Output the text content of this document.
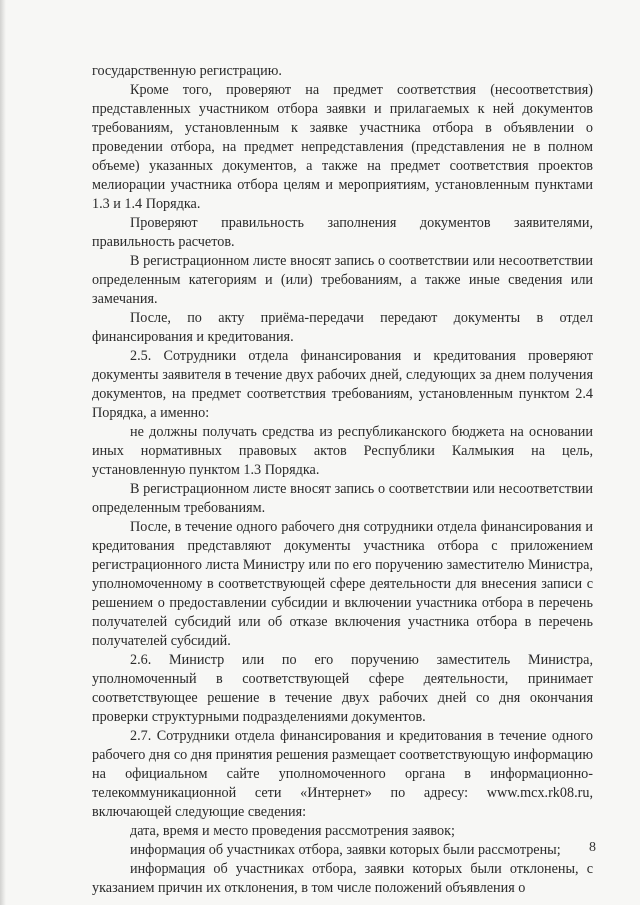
государственную регистрацию.

Кроме того, проверяют на предмет соответствия (несоответствия) представленных участником отбора заявки и прилагаемых к ней документов требованиям, установленным к заявке участника отбора в объявлении о проведении отбора, на предмет непредставления (представления не в полном объеме) указанных документов, а также на предмет соответствия проектов мелиорации участника отбора целям и мероприятиям, установленным пунктами 1.3 и 1.4 Порядка.

Проверяют правильность заполнения документов заявителями, правильность расчетов.

В регистрационном листе вносят запись о соответствии или несоответствии определенным категориям и (или) требованиям, а также иные сведения или замечания.

После, по акту приёма-передачи передают документы в отдел финансирования и кредитования.

2.5. Сотрудники отдела финансирования и кредитования проверяют документы заявителя в течение двух рабочих дней, следующих за днем получения документов, на предмет соответствия требованиям, установленным пунктом 2.4 Порядка, а именно:

не должны получать средства из республиканского бюджета на основании иных нормативных правовых актов Республики Калмыкия на цель, установленную пунктом 1.3 Порядка.

В регистрационном листе вносят запись о соответствии или несоответствии определенным требованиям.

После, в течение одного рабочего дня сотрудники отдела финансирования и кредитования представляют документы участника отбора с приложением регистрационного листа Министру или по его поручению заместителю Министра, уполномоченному в соответствующей сфере деятельности для внесения записи с решением о предоставлении субсидии и включении участника отбора в перечень получателей субсидий или об отказе включения участника отбора в перечень получателей субсидий.

2.6. Министр или по его поручению заместитель Министра, уполномоченный в соответствующей сфере деятельности, принимает соответствующее решение в течение двух рабочих дней со дня окончания проверки структурными подразделениями документов.

2.7. Сотрудники отдела финансирования и кредитования в течение одного рабочего дня со дня принятия решения размещает соответствующую информацию на официальном сайте уполномоченного органа в информационно-телекоммуникационной сети «Интернет» по адресу: www.mcx.rk08.ru, включающей следующие сведения:

дата, время и место проведения рассмотрения заявок;

информация об участниках отбора, заявки которых были рассмотрены;

информация об участниках отбора, заявки которых были отклонены, с указанием причин их отклонения, в том числе положений объявления о

8
